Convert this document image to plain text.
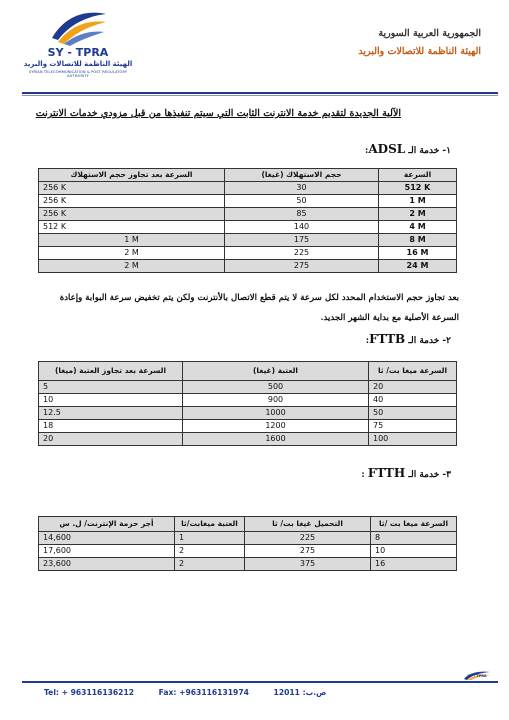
SY - TPRA
الهيئة الناظمة للاتصالات والبريد
SYRIAN TELECOMMUNICATION & POST REGULATORY AUTHORITY
الجمهورية العربية السورية
الهيئة الناظمة للاتصالات والبريد
الآلية الجديدة لتقديم خدمة الانترنت الثابت التي سيتم تنفيذها من قبل مزودي خدمات الانترنت
١- خدمة الـ ADSL:
السرعة بعد تجاوز حجم الاستهلاك	حجم الاستهلاك (غيغا)	السرعة
256 K	30	512 K
256 K	50	1 M
256 K	85	2 M
512 K	140	4 M
1 M	175	8 M
2 M	225	16 M
2 M	275	24 M
بعد تجاوز حجم الاستخدام المحدد لكل سرعة لا يتم قطع الاتصال بالأنترنت ولكن يتم تخفيض سرعة البوابة وإعادة
السرعة الأصلية مع بداية الشهر الجديد.
٢- خدمة الـ FTTB:
السرعة بعد تجاوز العتبة (ميغا)	العتبة (غيغا)	السرعة ميغا بت/ ثا
5	500	20
10	900	40
12.5	1000	50
18	1200	75
20	1600	100
٣- خدمة الـ FTTH :
أجر حزمة الإنترنت/ ل. س	العتبة ميغابت/ثا	التحميل غيغا بت/ ثا	السرعة ميغا بت /ثا
14,600	1	225	8
17,600	2	275	10
23,600	2	375	16
SY - TPRA
Tel: + 963116136212	Fax: +963116131974	ص.ب: 12011
